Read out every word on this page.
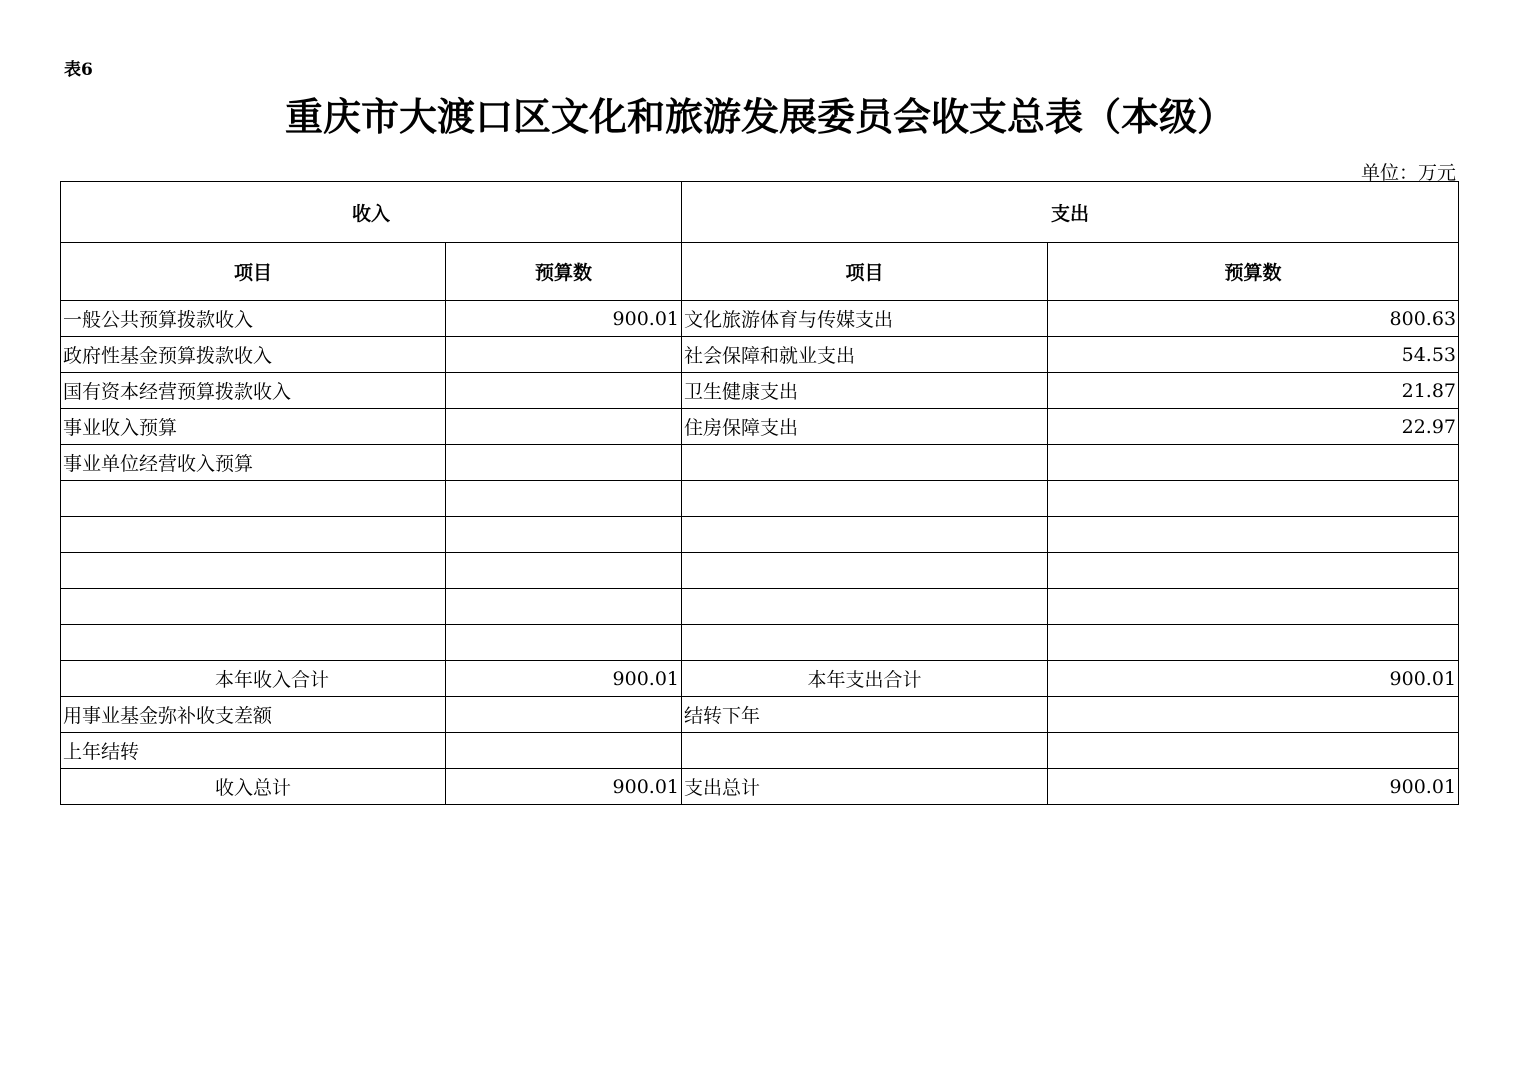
表6
重庆市大渡口区文化和旅游发展委员会收支总表（本级）
单位：万元
收入		支出	
项目	预算数	项目	预算数
一般公共预算拨款收入	900.01	文化旅游体育与传媒支出	800.63
政府性基金预算拨款收入		社会保障和就业支出	54.53
国有资本经营预算拨款收入		卫生健康支出	21.87
事业收入预算		住房保障支出	22.97
事业单位经营收入预算			

本年收入合计	900.01	本年支出合计	900.01
用事业基金弥补收支差额		结转下年	
上年结转			
收入总计	900.01	支出总计	900.01
